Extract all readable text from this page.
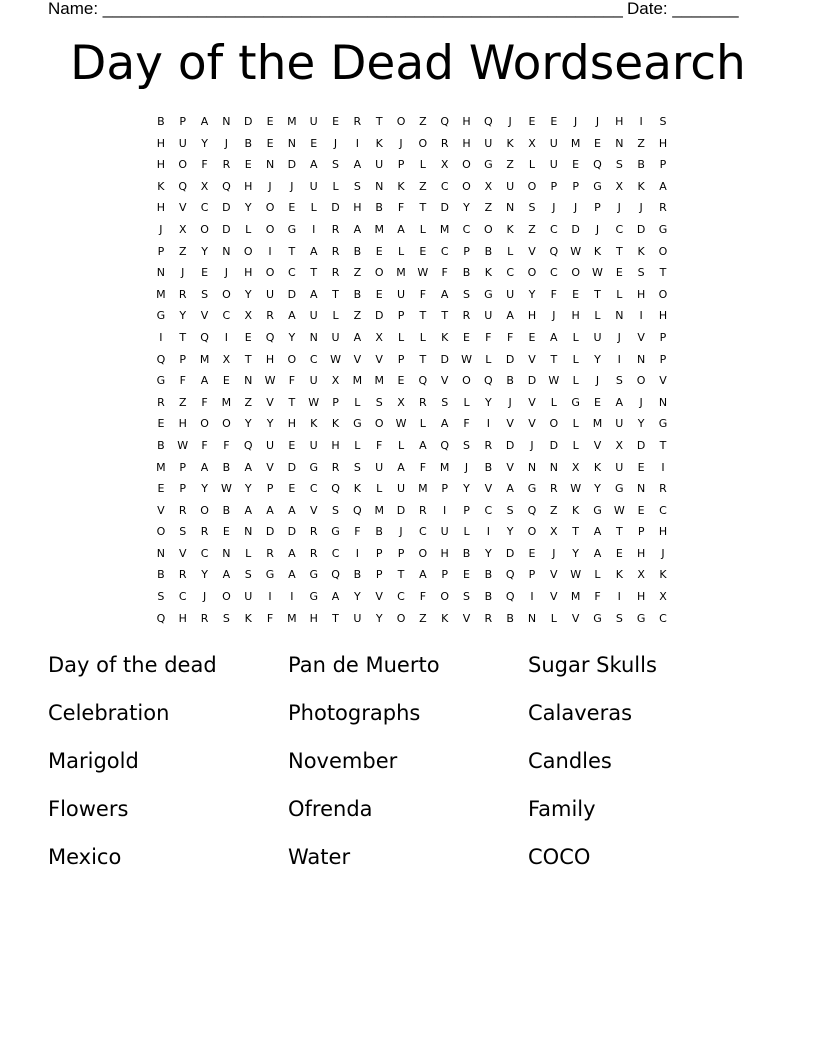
Name: _______________________________________________________ Date: _______
Day of the Dead Wordsearch
B	P	A	N	D	E	M	U	E	R	T	O	Z	Q	H	Q	J	E	E	J	J	H	I	S
H	U	Y	J	B	E	N	E	J	I	K	J	O	R	H	U	K	X	U	M	E	N	Z	H
H	O	F	R	E	N	D	A	S	A	U	P	L	X	O	G	Z	L	U	E	Q	S	B	P
K	Q	X	Q	H	J	J	U	L	S	N	K	Z	C	O	X	U	O	P	P	G	X	K	A
H	V	C	D	Y	O	E	L	D	H	B	F	T	D	Y	Z	N	S	J	J	P	J	J	R
J	X	O	D	L	O	G	I	R	A	M	A	L	M	C	O	K	Z	C	D	J	C	D	G
P	Z	Y	N	O	I	T	A	R	B	E	L	E	C	P	B	L	V	Q	W	K	T	K	O
N	J	E	J	H	O	C	T	R	Z	O	M	W	F	B	K	C	O	C	O	W	E	S	T
M	R	S	O	Y	U	D	A	T	B	E	U	F	A	S	G	U	Y	F	E	T	L	H	O
G	Y	V	C	X	R	A	U	L	Z	D	P	T	T	R	U	A	H	J	H	L	N	I	H
I	T	Q	I	E	Q	Y	N	U	A	X	L	L	K	E	F	F	E	A	L	U	J	V	P
Q	P	M	X	T	H	O	C	W	V	V	P	T	D	W	L	D	V	T	L	Y	I	N	P
G	F	A	E	N	W	F	U	X	M	M	E	Q	V	O	Q	B	D	W	L	J	S	O	V
R	Z	F	M	Z	V	T	W	P	L	S	X	R	S	L	Y	J	V	L	G	E	A	J	N
E	H	O	O	Y	Y	H	K	K	G	O	W	L	A	F	I	V	V	O	L	M	U	Y	G
B	W	F	F	Q	U	E	U	H	L	F	L	A	Q	S	R	D	J	D	L	V	X	D	T
M	P	A	B	A	V	D	G	R	S	U	A	F	M	J	B	V	N	N	X	K	U	E	I
E	P	Y	W	Y	P	E	C	Q	K	L	U	M	P	Y	V	A	G	R	W	Y	G	N	R
V	R	O	B	A	A	A	V	S	Q	M	D	R	I	P	C	S	Q	Z	K	G	W	E	C
O	S	R	E	N	D	D	R	G	F	B	J	C	U	L	I	Y	O	X	T	A	T	P	H
N	V	C	N	L	R	A	R	C	I	P	P	O	H	B	Y	D	E	J	Y	A	E	H	J
B	R	Y	A	S	G	A	G	Q	B	P	T	A	P	E	B	Q	P	V	W	L	K	X	K
S	C	J	O	U	I	I	G	A	Y	V	C	F	O	S	B	Q	I	V	M	F	I	H	X
Q	H	R	S	K	F	M	H	T	U	Y	O	Z	K	V	R	B	N	L	V	G	S	G	C
Day of the dead	Pan de Muerto	Sugar Skulls
Celebration	Photographs	Calaveras
Marigold	November	Candles
Flowers	Ofrenda	Family
Mexico	Water	COCO
